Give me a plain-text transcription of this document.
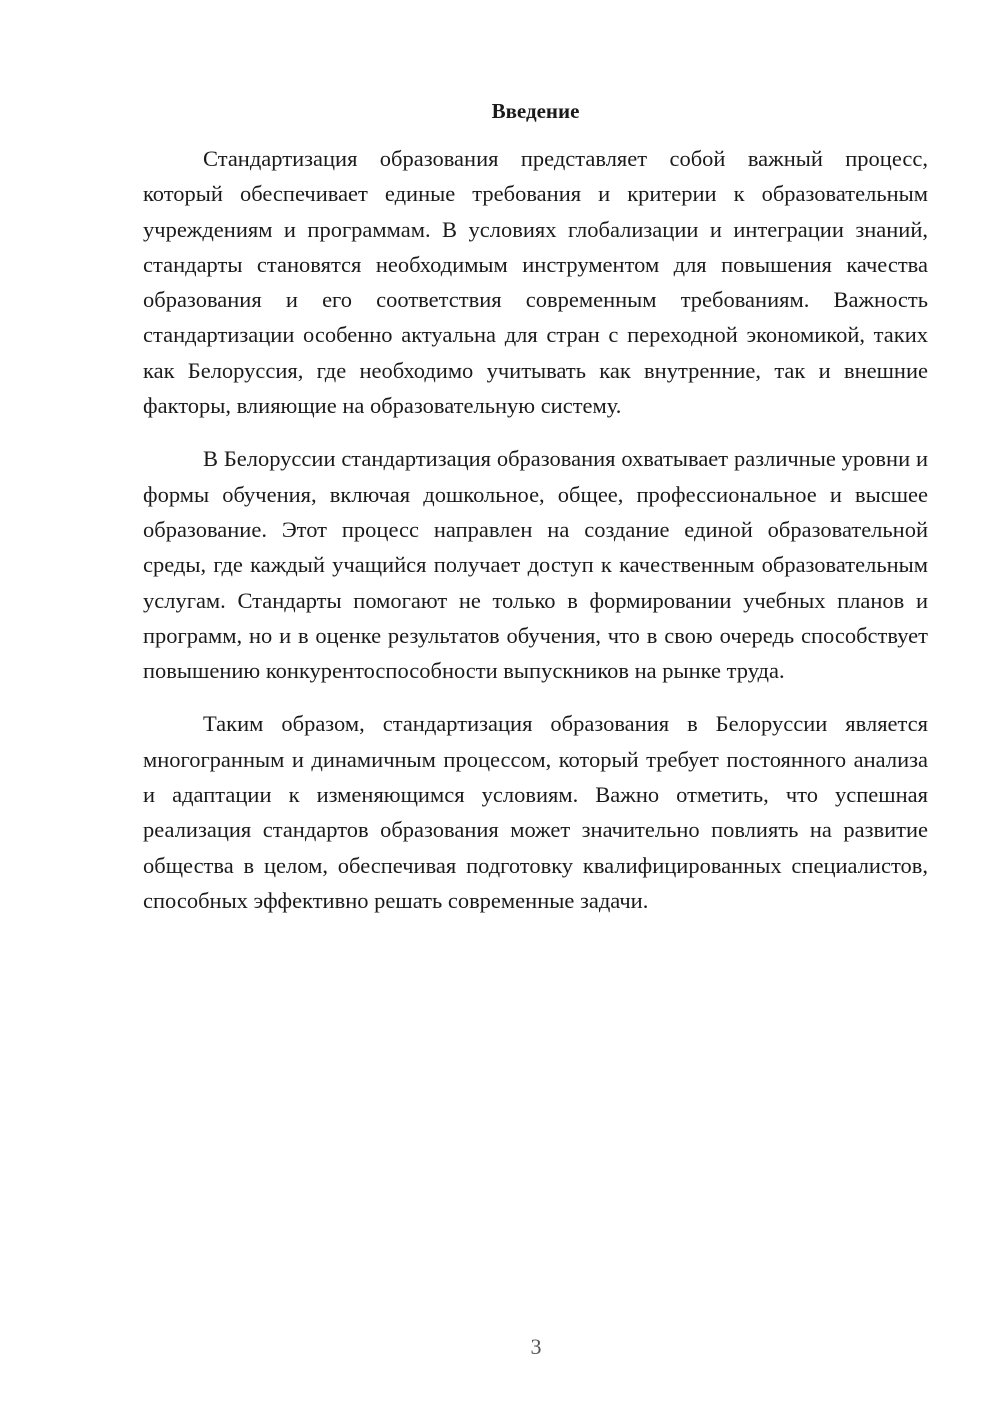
Введение

Стандартизация образования представляет собой важный процесс, который обеспечивает единые требования и критерии к образовательным учреждениям и программам. В условиях глобализации и интеграции знаний, стандарты становятся необходимым инструментом для повышения качества образования и его соответствия современным требованиям. Важность стандартизации особенно актуальна для стран с переходной экономикой, таких как Белоруссия, где необходимо учитывать как внутренние, так и внешние факторы, влияющие на образовательную систему.

В Белоруссии стандартизация образования охватывает различные уровни и формы обучения, включая дошкольное, общее, профессиональное и высшее образование. Этот процесс направлен на создание единой образовательной среды, где каждый учащийся получает доступ к качественным образовательным услугам. Стандарты помогают не только в формировании учебных планов и программ, но и в оценке результатов обучения, что в свою очередь способствует повышению конкурентоспособности выпускников на рынке труда.

Таким образом, стандартизация образования в Белоруссии является многогранным и динамичным процессом, который требует постоянного анализа и адаптации к изменяющимся условиям. Важно отметить, что успешная реализация стандартов образования может значительно повлиять на развитие общества в целом, обеспечивая подготовку квалифицированных специалистов, способных эффективно решать современные задачи.

3
